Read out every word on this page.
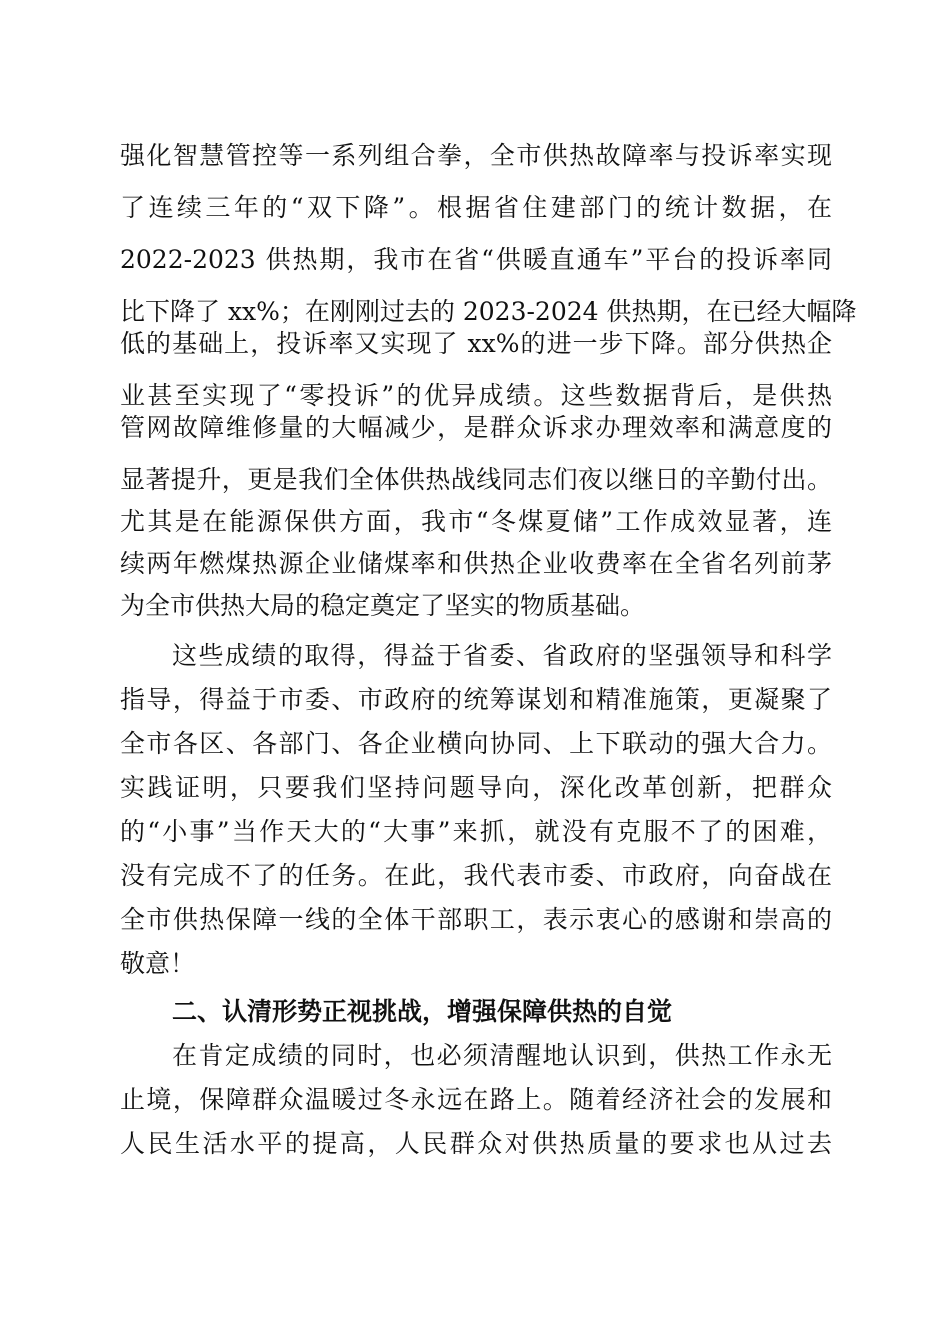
强化智慧管控等一系列组合拳，全市供热故障率与投诉率实现
了连续三年的“双下降”。根据省住建部门的统计数据，在
2022-2023 供热期，我市在省“供暖直通车”平台的投诉率同
比下降了 xx%；在刚刚过去的 2023-2024 供热期，在已经大幅降
低的基础上，投诉率又实现了 xx%的进一步下降。部分供热企
业甚至实现了“零投诉”的优异成绩。这些数据背后，是供热
管网故障维修量的大幅减少，是群众诉求办理效率和满意度的
显著提升，更是我们全体供热战线同志们夜以继日的辛勤付出。
尤其是在能源保供方面，我市“冬煤夏储”工作成效显著，连
续两年燃煤热源企业储煤率和供热企业收费率在全省名列前茅
为全市供热大局的稳定奠定了坚实的物质基础。
这些成绩的取得，得益于省委、省政府的坚强领导和科学
指导，得益于市委、市政府的统筹谋划和精准施策，更凝聚了
全市各区、各部门、各企业横向协同、上下联动的强大合力。
实践证明，只要我们坚持问题导向，深化改革创新，把群众
的“小事”当作天大的“大事”来抓，就没有克服不了的困难，
没有完成不了的任务。在此，我代表市委、市政府，向奋战在
全市供热保障一线的全体干部职工，表示衷心的感谢和崇高的
敬意！
二、认清形势正视挑战，增强保障供热的自觉
在肯定成绩的同时，也必须清醒地认识到，供热工作永无
止境，保障群众温暖过冬永远在路上。随着经济社会的发展和
人民生活水平的提高，人民群众对供热质量的要求也从过去
